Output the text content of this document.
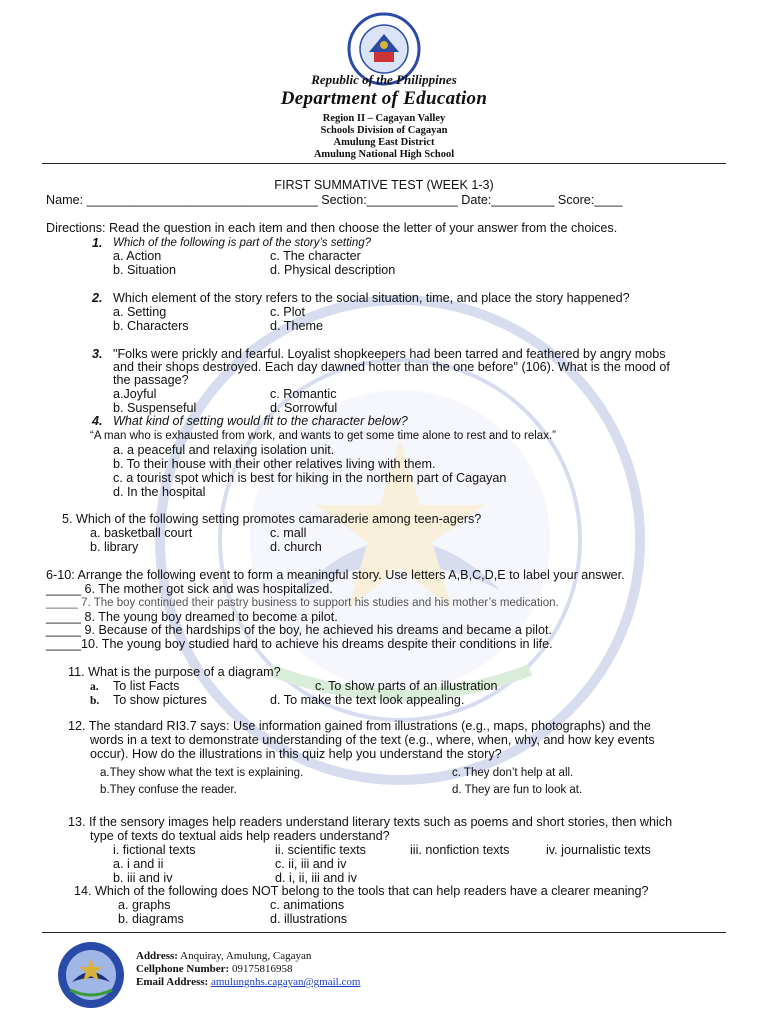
Republic of the Philippines
Department of Education
Region II – Cagayan Valley
Schools Division of Cagayan
Amulung East District
Amulung National High School
FIRST SUMMATIVE TEST (WEEK 1-3)
Name: _________________________________ Section:_____________ Date:_________ Score:____
Directions: Read the question in each item and then choose the letter of your answer from the choices.
1. Which of the following is part of the story’s setting?
a. Action
b. Situation
c. The character
d. Physical description
2. Which element of the story refers to the social situation, time, and place the story happened?
a. Setting
b. Characters
c. Plot
d. Theme
3. "Folks were prickly and fearful. Loyalist shopkeepers had been tarred and feathered by angry mobs
and their shops destroyed. Each day dawned hotter than the one before" (106). What is the mood of
the passage?
a.Joyful
b. Suspenseful
c. Romantic
d. Sorrowful
4. What kind of setting would fit to the character below?
“A man who is exhausted from work, and wants to get some time alone to rest and to relax.”
a. a peaceful and relaxing isolation unit.
b. To their house with their other relatives living with them.
c. a tourist spot which is best for hiking in the northern part of Cagayan
d. In the hospital
5. Which of the following setting promotes camaraderie among teen-agers?
a. basketball court
b. library
c. mall
d. church
6-10: Arrange the following event to form a meaningful story. Use letters A,B,C,D,E to label your answer.
_____ 6. The mother got sick and was hospitalized.
_____ 7. The boy continued their pastry business to support his studies and his mother’s medication.
_____ 8. The young boy dreamed to become a pilot.
_____ 9. Because of the hardships of the boy, he achieved his dreams and became a pilot.
_____10. The young boy studied hard to achieve his dreams despite their conditions in life.
11. What is the purpose of a diagram?
a. To list Facts
b. To show pictures
c. To show parts of an illustration
d. To make the text look appealing.
12. The standard RI3.7 says: Use information gained from illustrations (e.g., maps, photographs) and the
words in a text to demonstrate understanding of the text (e.g., where, when, why, and how key events
occur). How do the illustrations in this quiz help you understand the story?
a.They show what the text is explaining.
b.They confuse the reader.
c. They don’t help at all.
d. They are fun to look at.
13. If the sensory images help readers understand literary texts such as poems and short stories, then which
type of texts do textual aids help readers understand?
i. fictional texts	ii. scientific texts	iii. nonfiction texts	iv. journalistic texts
a. i and ii
b. iii and iv
c. ii, iii and iv
d. i, ii, iii and iv
14. Which of the following does NOT belong to the tools that can help readers have a clearer meaning?
a. graphs
b. diagrams
c. animations
d. illustrations
Address: Anquiray, Amulung, Cagayan
Cellphone Number: 09175816958
Email Address: amulungnhs.cagayan@gmail.com
